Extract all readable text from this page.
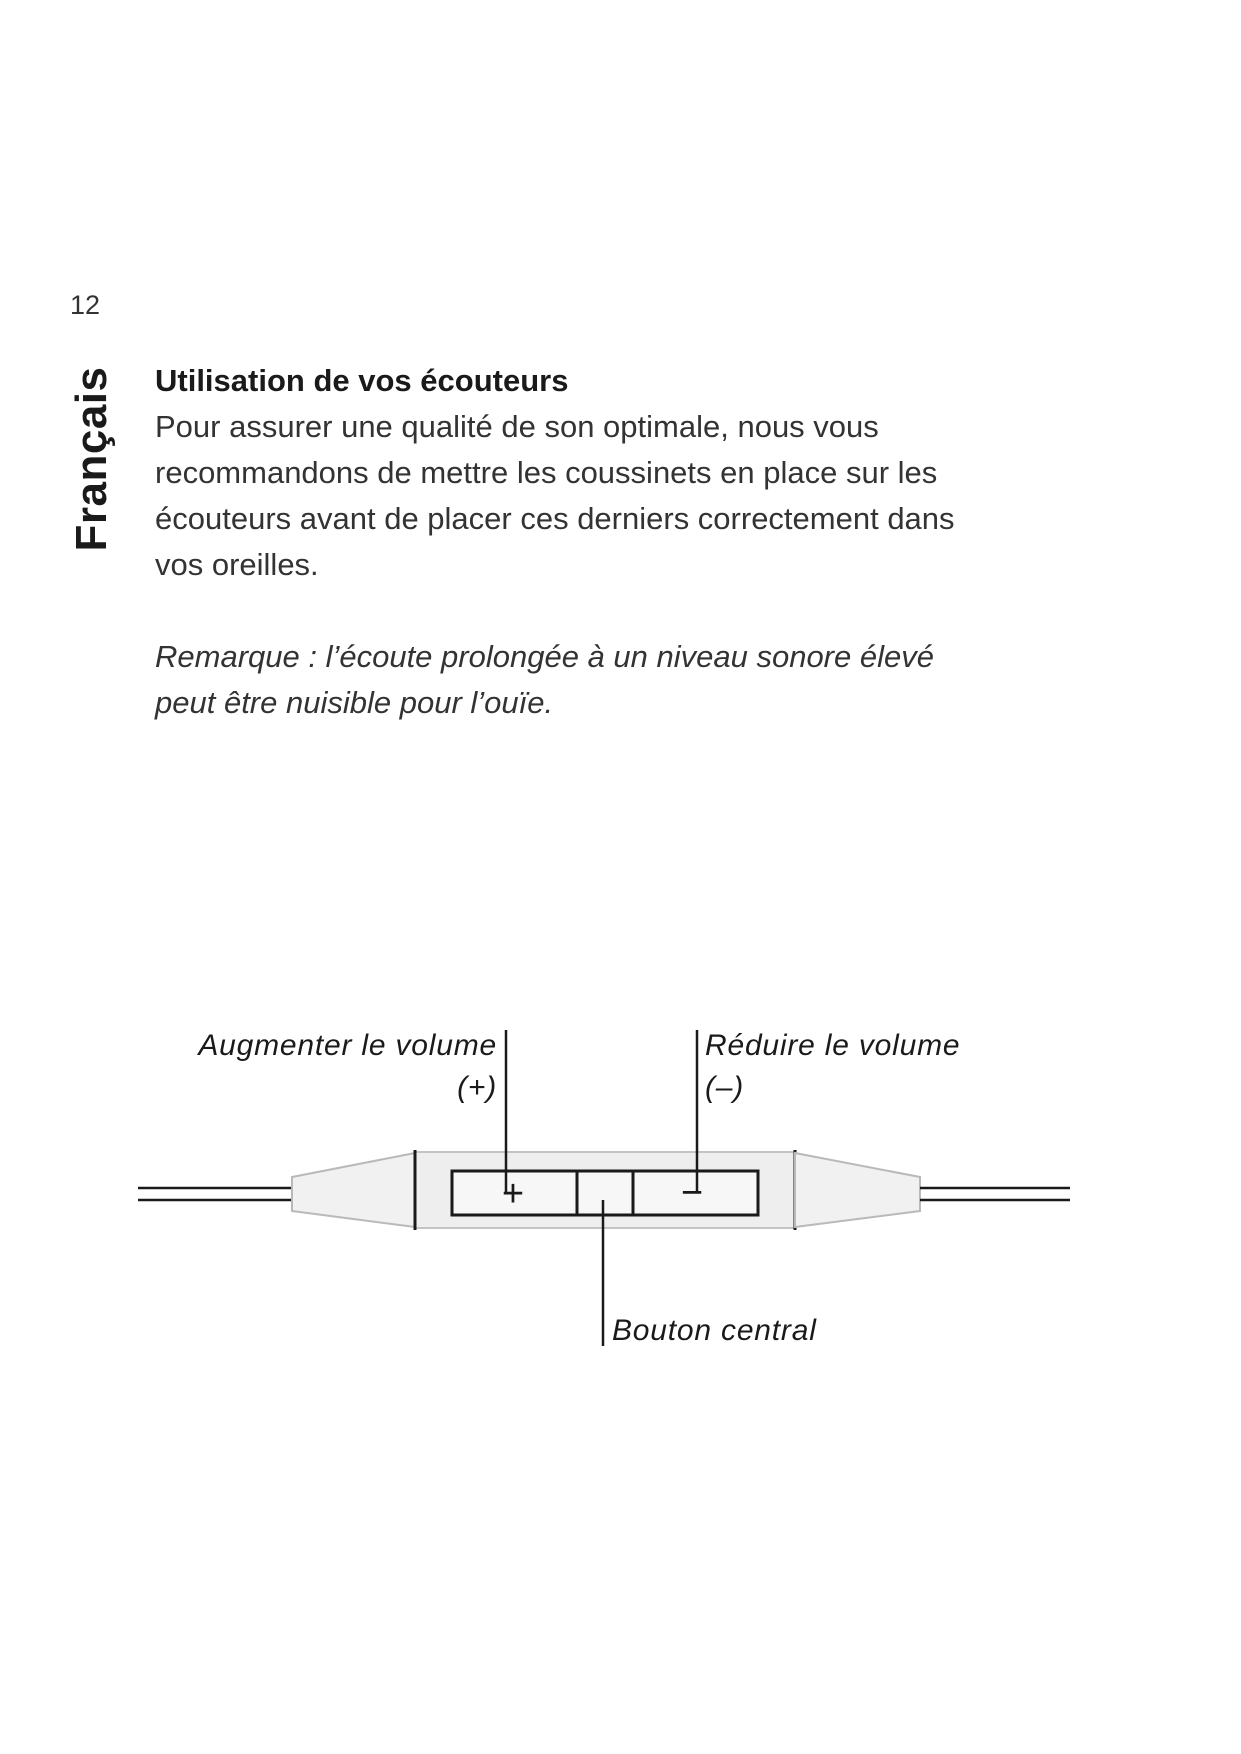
12
Français Utilisation de vos écouteurs
Pour assurer une qualité de son optimale, nous vous
recommandons de mettre les coussinets en place sur les
écouteurs avant de placer ces derniers correctement dans
vos oreilles.
Remarque : l’écoute prolongée à un niveau sonore élevé
peut être nuisible pour l’ouïe.
+	−
Augmenter le volume
(+)
Réduire le volume
(–)
Bouton central
